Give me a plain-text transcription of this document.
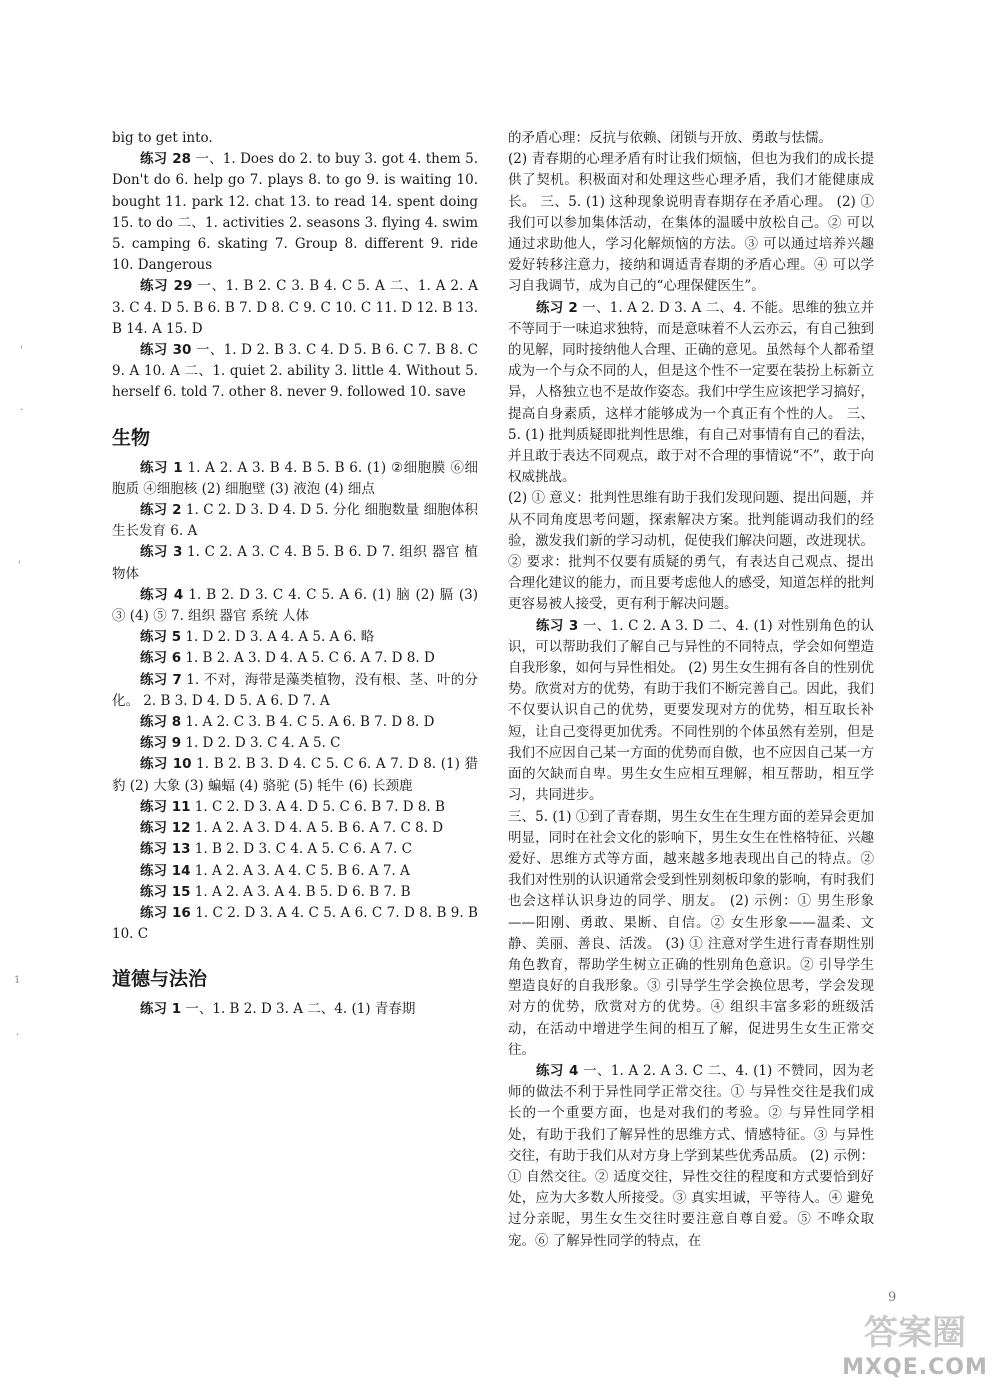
big to get into.

练习 28 一、1. Does do 2. to buy 3. got 4. them 5. Don't do 6. help go 7. plays 8. to go 9. is waiting 10. bought 11. park 12. chat 13. to read 14. spent doing 15. to do 二、1. activities 2. seasons 3. flying 4. swim 5. camping 6. skating 7. Group 8. different 9. ride 10. Dangerous

练习 29 一、1. B 2. C 3. B 4. C 5. A 二、1. A 2. A 3. C 4. D 5. B 6. B 7. D 8. C 9. C 10. C 11. D 12. B 13. B 14. A 15. D

练习 30 一、1. D 2. B 3. C 4. D 5. B 6. C 7. B 8. C 9. A 10. A 二、1. quiet 2. ability 3. little 4. Without 5. herself 6. told 7. other 8. never 9. followed 10. save

生物

练习 1 1. A 2. A 3. B 4. B 5. B 6. (1) ②细胞膜 ⑥细胞质 ④细胞核 (2) 细胞壁 (3) 液泡 (4) 细点

练习 2 1. C 2. D 3. D 4. D 5. 分化 细胞数量 细胞体积 生长发育 6. A

练习 3 1. C 2. A 3. C 4. B 5. B 6. D 7. 组织 器官 植物体

练习 4 1. B 2. D 3. C 4. C 5. A 6. (1) 脑 (2) 膈 (3) ③ (4) ⑤ 7. 组织 器官 系统 人体

练习 5 1. D 2. D 3. A 4. A 5. A 6. 略

练习 6 1. B 2. A 3. D 4. A 5. C 6. A 7. D 8. D

练习 7 1. 不对，海带是藻类植物，没有根、茎、叶的分化。 2. B 3. D 4. D 5. A 6. D 7. A

练习 8 1. A 2. C 3. B 4. C 5. A 6. B 7. D 8. D

练习 9 1. D 2. D 3. C 4. A 5. C

练习 10 1. B 2. B 3. D 4. C 5. C 6. A 7. D 8. (1) 猎豹 (2) 大象 (3) 蝙蝠 (4) 骆驼 (5) 牦牛 (6) 长颈鹿

练习 11 1. C 2. D 3. A 4. D 5. C 6. B 7. D 8. B

练习 12 1. A 2. A 3. D 4. A 5. B 6. A 7. C 8. D

练习 13 1. B 2. D 3. C 4. A 5. C 6. A 7. C

练习 14 1. A 2. A 3. A 4. C 5. B 6. A 7. A

练习 15 1. A 2. A 3. A 4. B 5. D 6. B 7. B

练习 16 1. C 2. D 3. A 4. C 5. A 6. C 7. D 8. B 9. B 10. C

道德与法治

练习 1 一、1. B 2. D 3. A 二、4. (1) 青春期

的矛盾心理：反抗与依赖、闭锁与开放、勇敢与怯懦。

(2) 青春期的心理矛盾有时让我们烦恼，但也为我们的成长提供了契机。积极面对和处理这些心理矛盾，我们才能健康成长。 三、5. (1) 这种现象说明青春期存在矛盾心理。 (2) ① 我们可以参加集体活动，在集体的温暖中放松自己。② 可以通过求助他人，学习化解烦恼的方法。③ 可以通过培养兴趣爱好转移注意力，接纳和调适青春期的矛盾心理。④ 可以学习自我调节，成为自己的“心理保健医生”。

练习 2 一、1. A 2. D 3. A 二、4. 不能。思维的独立并不等同于一味追求独特，而是意味着不人云亦云，有自己独到的见解，同时接纳他人合理、正确的意见。虽然每个人都希望成为一个与众不同的人，但是这个性不一定要在装扮上标新立异，人格独立也不是故作姿态。我们中学生应该把学习搞好，提高自身素质，这样才能够成为一个真正有个性的人。 三、5. (1) 批判质疑即批判性思维，有自己对事情有自己的看法，并且敢于表达不同观点，敢于对不合理的事情说“不”，敢于向权威挑战。

(2) ① 意义：批判性思维有助于我们发现问题、提出问题，并从不同角度思考问题，探索解决方案。批判能调动我们的经验，激发我们新的学习动机，促使我们解决问题，改进现状。② 要求：批判不仅要有质疑的勇气，有表达自己观点、提出合理化建议的能力，而且要考虑他人的感受，知道怎样的批判更容易被人接受，更有利于解决问题。

练习 3 一、1. C 2. A 3. D 二、4. (1) 对性别角色的认识，可以帮助我们了解自己与异性的不同特点，学会如何塑造自我形象，如何与异性相处。 (2) 男生女生拥有各自的性别优势。欣赏对方的优势，有助于我们不断完善自己。因此，我们不仅要认识自己的优势，更要发现对方的优势，相互取长补短，让自己变得更加优秀。不同性别的个体虽然有差别，但是我们不应因自己某一方面的优势而自傲，也不应因自己某一方面的欠缺而自卑。男生女生应相互理解，相互帮助，相互学习，共同进步。

三、5. (1) ①到了青春期，男生女生在生理方面的差异会更加明显，同时在社会文化的影响下，男生女生在性格特征、兴趣爱好、思维方式等方面，越来越多地表现出自己的特点。② 我们对性别的认识通常会受到性别刻板印象的影响，有时我们也会这样认识身边的同学、朋友。 (2) 示例：① 男生形象——阳刚、勇敢、果断、自信。② 女生形象——温柔、文静、美丽、善良、活泼。 (3) ① 注意对学生进行青春期性别角色教育，帮助学生树立正确的性别角色意识。② 引导学生塑造良好的自我形象。③ 引导学生学会换位思考，学会发现对方的优势，欣赏对方的优势。④ 组织丰富多彩的班级活动，在活动中增进学生间的相互了解，促进男生女生正常交往。

练习 4 一、1. A 2. A 3. C 二、4. (1) 不赞同，因为老师的做法不利于异性同学正常交往。① 与异性交往是我们成长的一个重要方面，也是对我们的考验。② 与异性同学相处，有助于我们了解异性的思维方式、情感特征。③ 与异性交往，有助于我们从对方身上学到某些优秀品质。 (2) 示例：① 自然交往。② 适度交往，异性交往的程度和方式要恰到好处，应为大多数人所接受。③ 真实坦诚，平等待人。④ 避免过分亲昵，男生女生交往时要注意自尊自爱。⑤ 不哗众取宠。⑥ 了解异性同学的特点，在

9
答案圈
MXQE.COM
'
·
'
1
·
